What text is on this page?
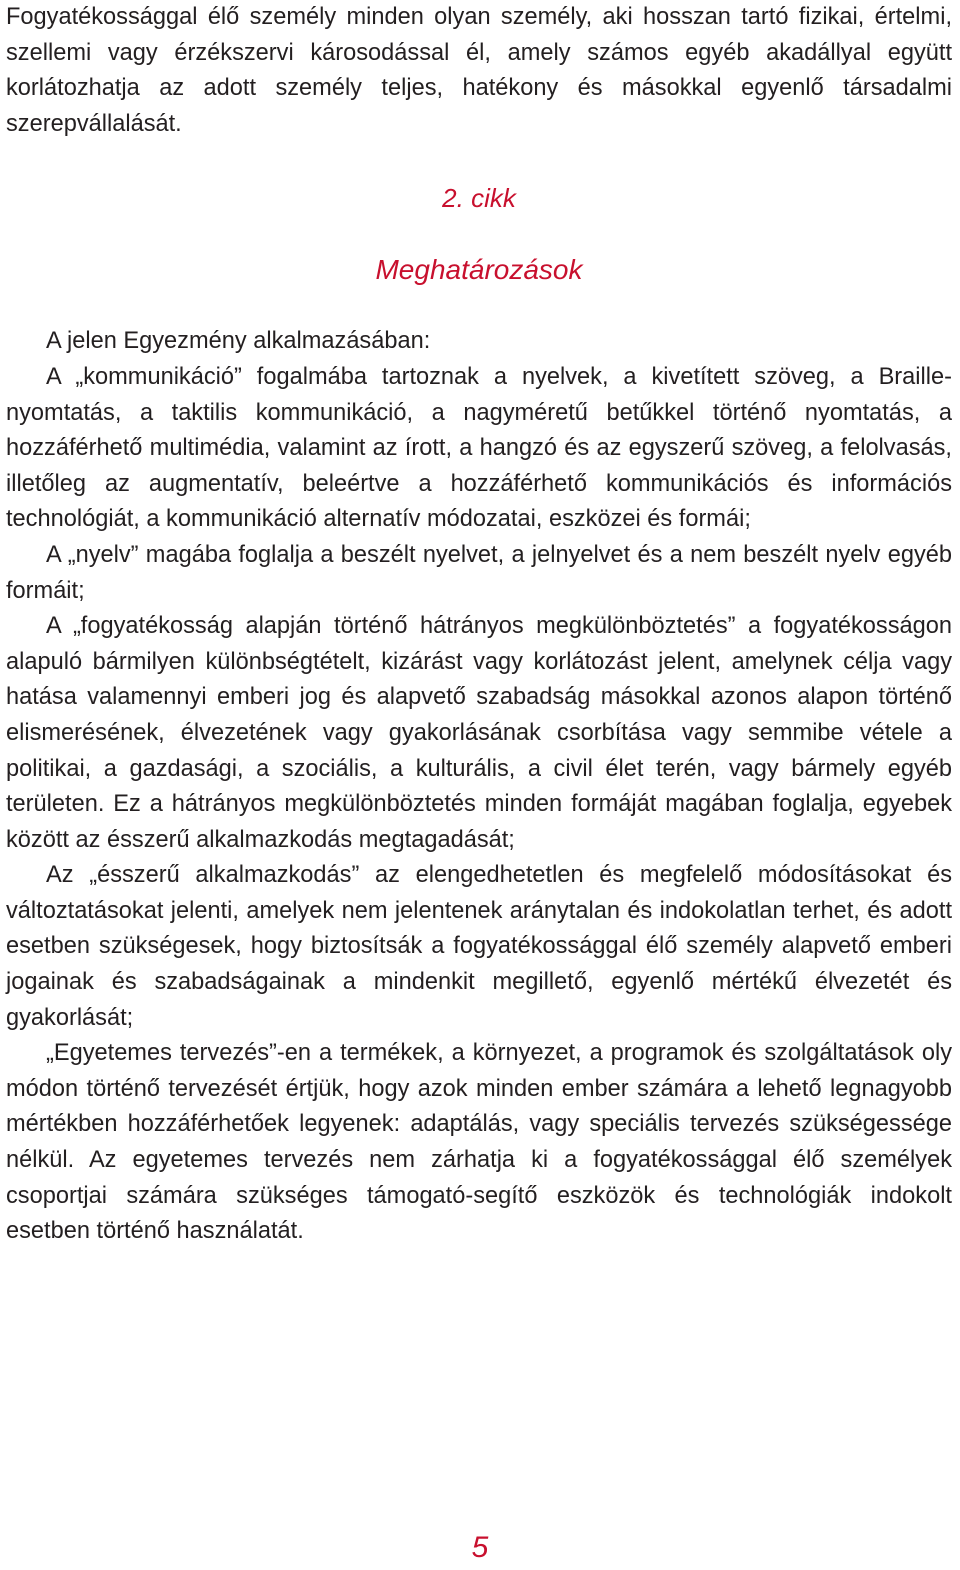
Fogyatékossággal élő személy minden olyan személy, aki hosszan tartó fizikai, értelmi, szellemi vagy érzékszervi károsodással él, amely számos egyéb akadállyal együtt korlátozhatja az adott személy teljes, hatékony és másokkal egyenlő társadalmi szerepvállalását.

2. cikk

Meghatározások

A jelen Egyezmény alkalmazásában:

A „kommunikáció” fogalmába tartoznak a nyelvek, a kivetített szöveg, a Braille-nyomtatás, a taktilis kommunikáció, a nagyméretű betűkkel történő nyomtatás, a hozzáférhető multimédia, valamint az írott, a hangzó és az egyszerű szöveg, a felolvasás, illetőleg az augmentatív, beleértve a hozzáférhető kommunikációs és információs technológiát, a kommunikáció alternatív módozatai, eszközei és formái;

A „nyelv” magába foglalja a beszélt nyelvet, a jelnyelvet és a nem beszélt nyelv egyéb formáit;

A „fogyatékosság alapján történő hátrányos megkülönböztetés” a fogyatékosságon alapuló bármilyen különbségtételt, kizárást vagy korlátozást jelent, amelynek célja vagy hatása valamennyi emberi jog és alapvető szabadság másokkal azonos alapon történő elismerésének, élvezetének vagy gyakorlásának csorbítása vagy semmibe vétele a politikai, a gazdasági, a szociális, a kulturális, a civil élet terén, vagy bármely egyéb területen. Ez a hátrányos megkülönböztetés minden formáját magában foglalja, egyebek között az ésszerű alkalmazkodás megtagadását;

Az „ésszerű alkalmazkodás” az elengedhetetlen és megfelelő módosításokat és változtatásokat jelenti, amelyek nem jelentenek aránytalan és indokolatlan terhet, és adott esetben szükségesek, hogy biztosítsák a fogyatékossággal élő személy alapvető emberi jogainak és szabadságainak a mindenkit megillető, egyenlő mértékű élvezetét és gyakorlását;

„Egyetemes tervezés”-en a termékek, a környezet, a programok és szolgáltatások oly módon történő tervezését értjük, hogy azok minden ember számára a lehető legnagyobb mértékben hozzáférhetőek legyenek: adaptálás, vagy speciális tervezés szükségessége nélkül. Az egyetemes tervezés nem zárhatja ki a fogyatékossággal élő személyek csoportjai számára szükséges támogató-segítő eszközök és technológiák indokolt esetben történő használatát.

5
